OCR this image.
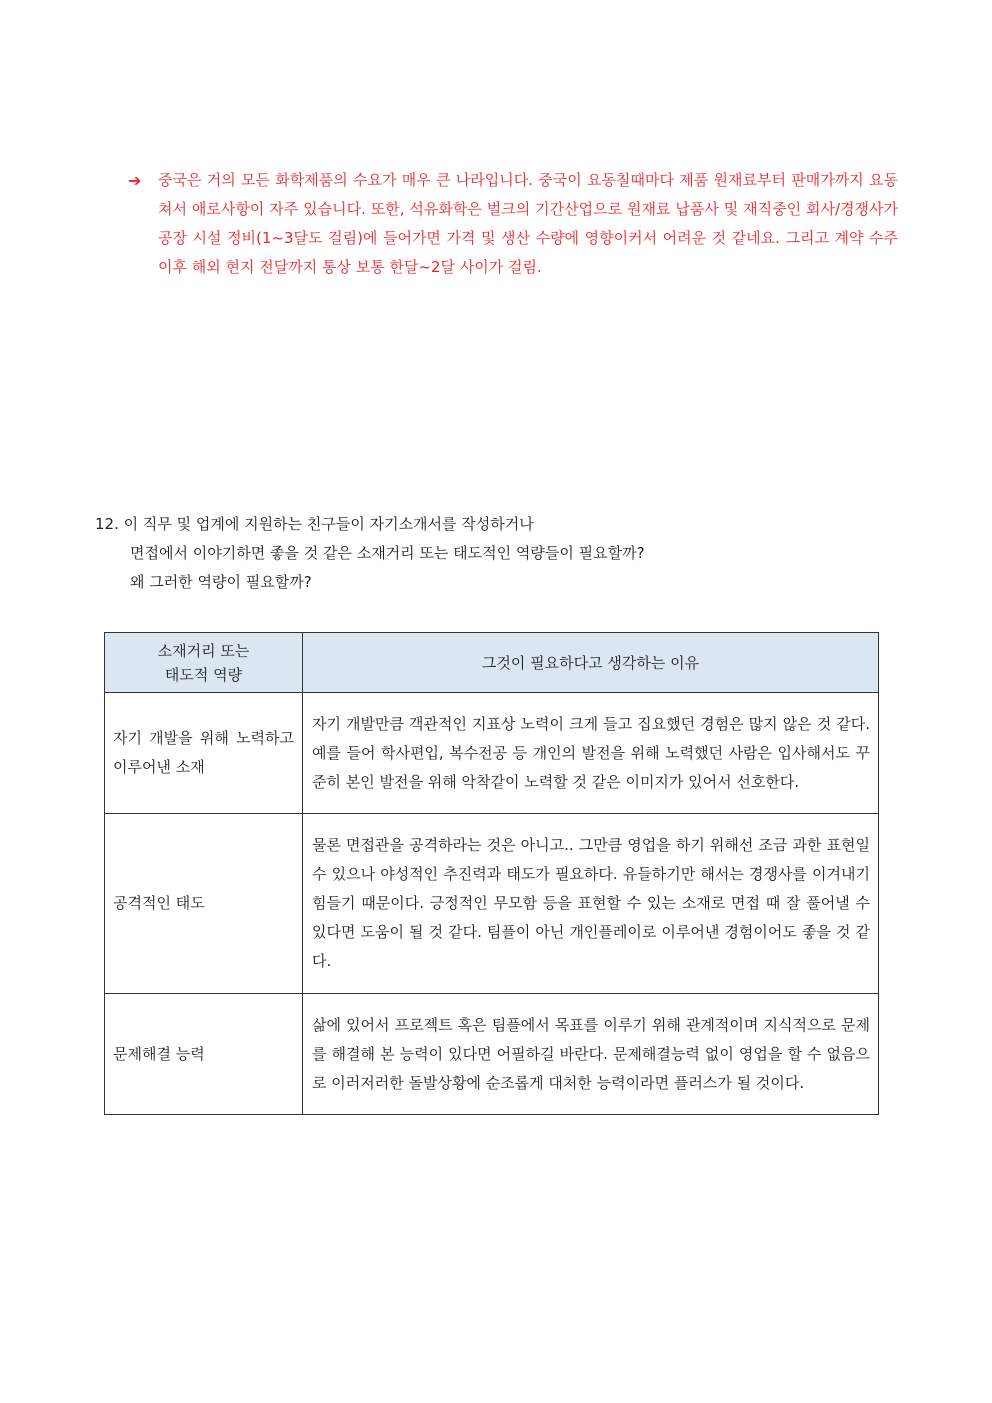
➔ 중국은 거의 모든 화학제품의 수요가 매우 큰 나라입니다. 중국이 요동칠때마다 제품 원재료부터 판매가까지 요동쳐서 애로사항이 자주 있습니다. 또한, 석유화학은 벌크의 기간산업으로 원재료 납품사 및 재직중인 회사/경쟁사가 공장 시설 정비(1~3달도 걸림)에 들어가면 가격 및 생산 수량에 영향이커서 어려운 것 같네요. 그리고 계약 수주 이후 해외 현지 전달까지 통상 보통 한달~2달 사이가 걸림.
12. 이 직무 및 업계에 지원하는 친구들이 자기소개서를 작성하거나
면접에서 이야기하면 좋을 것 같은 소재거리 또는 태도적인 역량들이 필요할까?
왜 그러한 역량이 필요할까?
소재거리 또는
태도적 역량	그것이 필요하다고 생각하는 이유
자기 개발을 위해 노력하고 이루어낸 소재	자기 개발만큼 객관적인 지표상 노력이 크게 들고 집요했던 경험은 많지 않은 것 같다. 예를 들어 학사편입, 복수전공 등 개인의 발전을 위해 노력했던 사람은 입사해서도 꾸준히 본인 발전을 위해 악착같이 노력할 것 같은 이미지가 있어서 선호한다.
공격적인 태도	물론 면접관을 공격하라는 것은 아니고.. 그만큼 영업을 하기 위해선 조금 과한 표현일 수 있으나 야성적인 추진력과 태도가 필요하다. 유들하기만 해서는 경쟁사를 이겨내기 힘들기 때문이다. 긍정적인 무모함 등을 표현할 수 있는 소재로 면접 때 잘 풀어낼 수 있다면 도움이 될 것 같다. 팀플이 아닌 개인플레이로 이루어낸 경험이어도 좋을 것 같다.
문제해결 능력	삶에 있어서 프로젝트 혹은 팀플에서 목표를 이루기 위해 관계적이며 지식적으로 문제를 해결해 본 능력이 있다면 어필하길 바란다. 문제해결능력 없이 영업을 할 수 없음으로 이러저러한 돌발상황에 순조롭게 대처한 능력이라면 플러스가 될 것이다.
